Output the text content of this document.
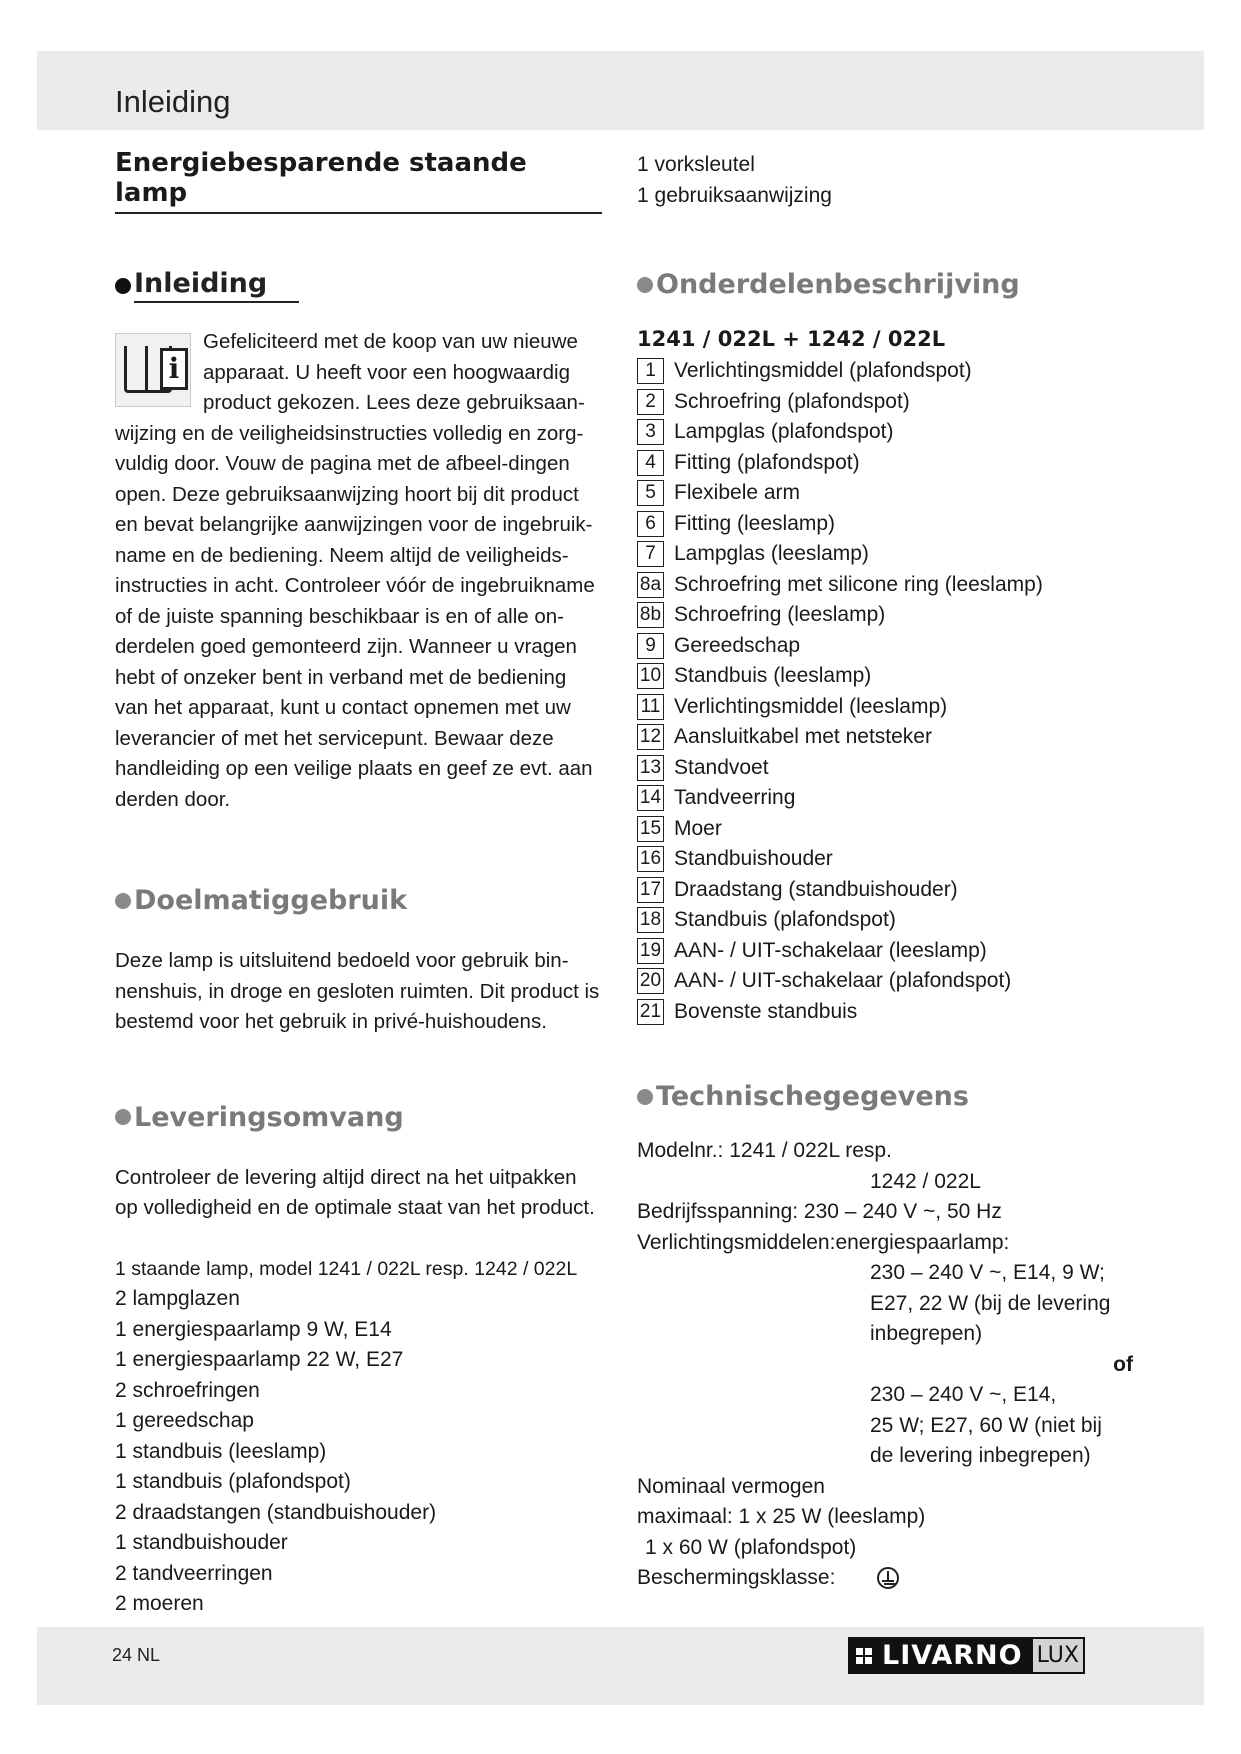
Inleiding
Energiebesparende staande lamp
Inleiding
i

Gefeliciteerd met de koop van uw nieuwe apparaat. U heeft voor een hoogwaardig product gekozen. Lees deze gebruiksaan-wijzing en de veiligheidsinstructies volledig en zorg-vuldig door. Vouw de pagina met de afbeel-dingen open. Deze gebruiksaanwijzing hoort bij dit product en bevat belangrijke aanwijzingen voor de ingebruik-name en de bediening. Neem altijd de veiligheids-instructies in acht. Controleer vóór de ingebruikname of de juiste spanning beschikbaar is en of alle on-derdelen goed gemonteerd zijn. Wanneer u vragen hebt of onzeker bent in verband met de bediening van het apparaat, kunt u contact opnemen met uw leverancier of met het servicepunt. Bewaar deze handleiding op een veilige plaats en geef ze evt. aan derden door.

Doelmatiggebruik

Deze lamp is uitsluitend bedoeld voor gebruik bin-nenshuis, in droge en gesloten ruimten. Dit product is bestemd voor het gebruik in privé-huishoudens.

Leveringsomvang

Controleer de levering altijd direct na het uitpakken op volledigheid en de optimale staat van het product.

1 staande lamp, model 1241 / 022L resp. 1242 / 022L
2 lampglazen
1 energiespaarlamp 9 W, E14
1 energiespaarlamp 22 W, E27
2 schroefringen
1 gereedschap
1 standbuis (leeslamp)
1 standbuis (plafondspot)
2 draadstangen (standbuishouder)
1 standbuishouder
2 tandveerringen
2 moeren
1 vorksleutel
1 gebruiksaanwijzing
Onderdelenbeschrijving

1241 / 022L + 1242 / 022L

1 Verlichtingsmiddel (plafondspot)
2 Schroefring (plafondspot)
3 Lampglas (plafondspot)
4 Fitting (plafondspot)
5 Flexibele arm
6 Fitting (leeslamp)
7 Lampglas (leeslamp)
8a Schroefring met silicone ring (leeslamp)
8b Schroefring (leeslamp)
9 Gereedschap
10 Standbuis (leeslamp)
11 Verlichtingsmiddel (leeslamp)
12 Aansluitkabel met netsteker
13 Standvoet
14 Tandveerring
15 Moer
16 Standbuishouder
17 Draadstang (standbuishouder)
18 Standbuis (plafondspot)
19 AAN- / UIT-schakelaar (leeslamp)
20 AAN- / UIT-schakelaar (plafondspot)
21 Bovenste standbuis
Technischegegevens
Modelnr.: 1241 / 022L resp.
1242 / 022L
Bedrijfsspanning: 230 – 240 V ~, 50 Hz
Verlichtingsmiddelen:energiespaarlamp:
230 – 240 V ~, E14, 9 W;
E27, 22 W (bij de levering
inbegrepen)
of
230 – 240 V ~, E14,
25 W; E27, 60 W (niet bij
de levering inbegrepen)
Nominaal vermogen
maximaal: 1 x 25 W (leeslamp)
1 x 60 W (plafondspot)
Beschermingsklasse:
24 NL	LIVARNO LUX
